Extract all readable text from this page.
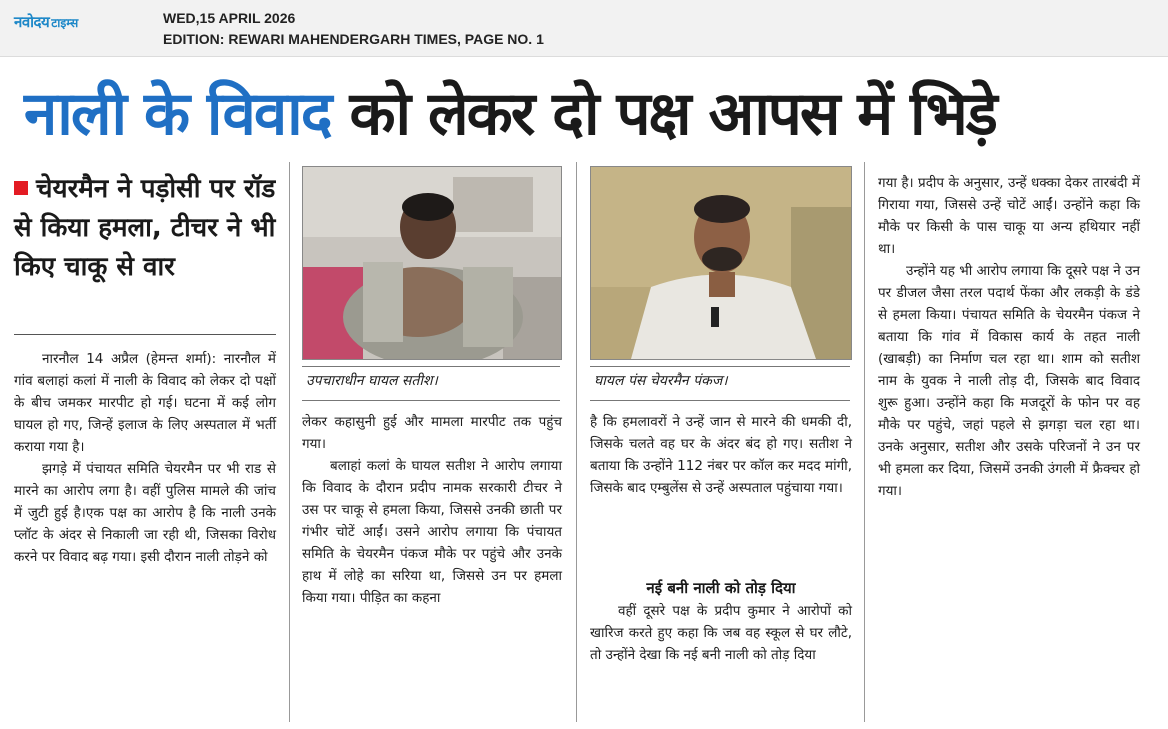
नवोदय टाइम्स	WED,15 APRIL 2026
EDITION: REWARI MAHENDERGARH TIMES, PAGE NO. 1
नाली के विवाद को लेकर दो पक्ष आपस में भिड़े
चेयरमैन ने पड़ोसी पर रॉड से किया हमला, टीचर ने भी किए चाकू से वार

नारनौल 14 अप्रैल (हेमन्त शर्मा): नारनौल में गांव बलाहां कलां में नाली के विवाद को लेकर दो पक्षों के बीच जमकर मारपीट हो गई। घटना में कई लोग घायल हो गए, जिन्हें इलाज के लिए अस्पताल में भर्ती कराया गया है।

झगड़े में पंचायत समिति चेयरमैन पर भी राड से मारने का आरोप लगा है। वहीं पुलिस मामले की जांच में जुटी हुई है।एक पक्ष का आरोप है कि नाली उनके प्लॉट के अंदर से निकाली जा रही थी, जिसका विरोध करने पर विवाद बढ़ गया। इसी दौरान नाली तोड़ने को

उपचाराधीन घायल सतीश।

लेकर कहासुनी हुई और मामला मारपीट तक पहुंच गया।

बलाहां कलां के घायल सतीश ने आरोप लगाया कि विवाद के दौरान प्रदीप नामक सरकारी टीचर ने उस पर चाकू से हमला किया, जिससे उनकी छाती पर गंभीर चोटें आईं। उसने आरोप लगाया कि पंचायत समिति के चेयरमैन पंकज मौके पर पहुंचे और उनके हाथ में लोहे का सरिया था, जिससे उन पर हमला किया गया। पीड़ित का कहना

घायल पंस चेयरमैन पंकज।

है कि हमलावरों ने उन्हें जान से मारने की धमकी दी, जिसके चलते वह घर के अंदर बंद हो गए। सतीश ने बताया कि उन्होंने 112 नंबर पर कॉल कर मदद मांगी, जिसके बाद एम्बुलेंस से उन्हें अस्पताल पहुंचाया गया।

नई बनी नाली को तोड़ दिया

वहीं दूसरे पक्ष के प्रदीप कुमार ने आरोपों को खारिज करते हुए कहा कि जब वह स्कूल से घर लौटे, तो उन्होंने देखा कि नई बनी नाली को तोड़ दिया

गया है। प्रदीप के अनुसार, उन्हें धक्का देकर तारबंदी में गिराया गया, जिससे उन्हें चोटें आईं। उन्होंने कहा कि मौके पर किसी के पास चाकू या अन्य हथियार नहीं था।

उन्होंने यह भी आरोप लगाया कि दूसरे पक्ष ने उन पर डीजल जैसा तरल पदार्थ फेंका और लकड़ी के डंडे से हमला किया। पंचायत समिति के चेयरमैन पंकज ने बताया कि गांव में विकास कार्य के तहत नाली (खाबड़ी) का निर्माण चल रहा था। शाम को सतीश नाम के युवक ने नाली तोड़ दी, जिसके बाद विवाद शुरू हुआ। उन्होंने कहा कि मजदूरों के फोन पर वह मौके पर पहुंचे, जहां पहले से झगड़ा चल रहा था। उनके अनुसार, सतीश और उसके परिजनों ने उन पर भी हमला कर दिया, जिसमें उनकी उंगली में फ्रैक्चर हो गया।
